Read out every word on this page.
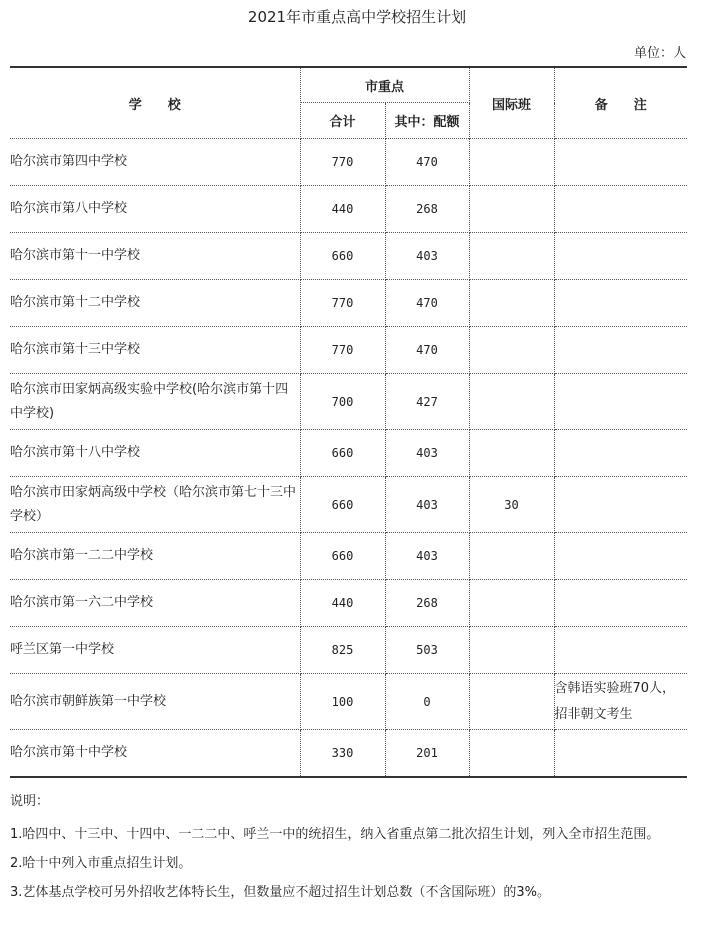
2021年市重点高中学校招生计划
单位：人
学　　校	市重点		国际班	备　　注
	合计	其中：配额		
哈尔滨市第四中学校	770	470		
哈尔滨市第八中学校	440	268		
哈尔滨市第十一中学校	660	403		
哈尔滨市第十二中学校	770	470		
哈尔滨市第十三中学校	770	470		
哈尔滨市田家炳高级实验中学校(哈尔滨市第十四中学校)	700	427		
哈尔滨市第十八中学校	660	403		
哈尔滨市田家炳高级中学校（哈尔滨市第七十三中学校）	660	403	30	
哈尔滨市第一二二中学校	660	403		
哈尔滨市第一六二中学校	440	268		
呼兰区第一中学校	825	503		
哈尔滨市朝鲜族第一中学校	100	0		含韩语实验班70人，招非朝文考生
哈尔滨市第十中学校	330	201		

说明：

1.哈四中、十三中、十四中、一二二中、呼兰一中的统招生，纳入省重点第二批次招生计划，列入全市招生范围。

2.哈十中列入市重点招生计划。

3.艺体基点学校可另外招收艺体特长生，但数量应不超过招生计划总数（不含国际班）的3%。
